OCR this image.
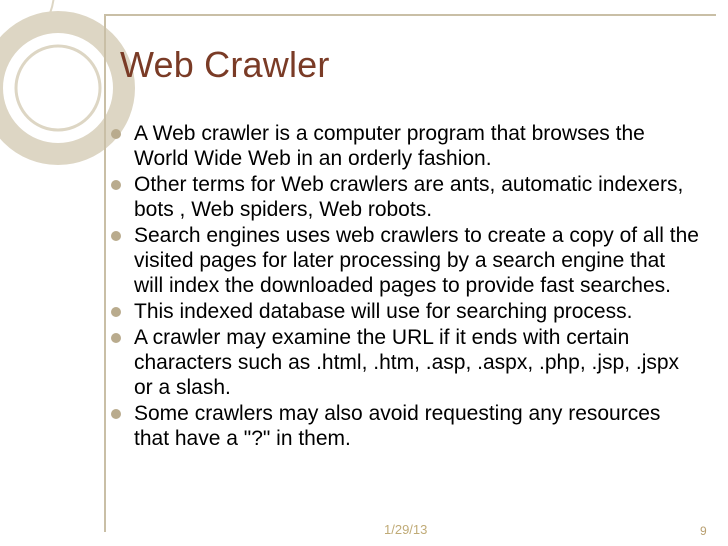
Web Crawler
A Web crawler is a computer program that browses the World Wide Web in an orderly fashion.
Other terms for Web crawlers are ants, automatic indexers, bots , Web spiders, Web robots.
Search engines uses web crawlers to create a copy of all the visited pages for later processing by a search engine that will index the downloaded pages to provide fast searches.
This indexed database will use for searching process.
A crawler may examine the URL if it ends with certain characters such as .html, .htm, .asp, .aspx, .php, .jsp, .jspx or a slash.
Some crawlers may also avoid requesting any resources that have a "?" in them.
1/29/13	9
